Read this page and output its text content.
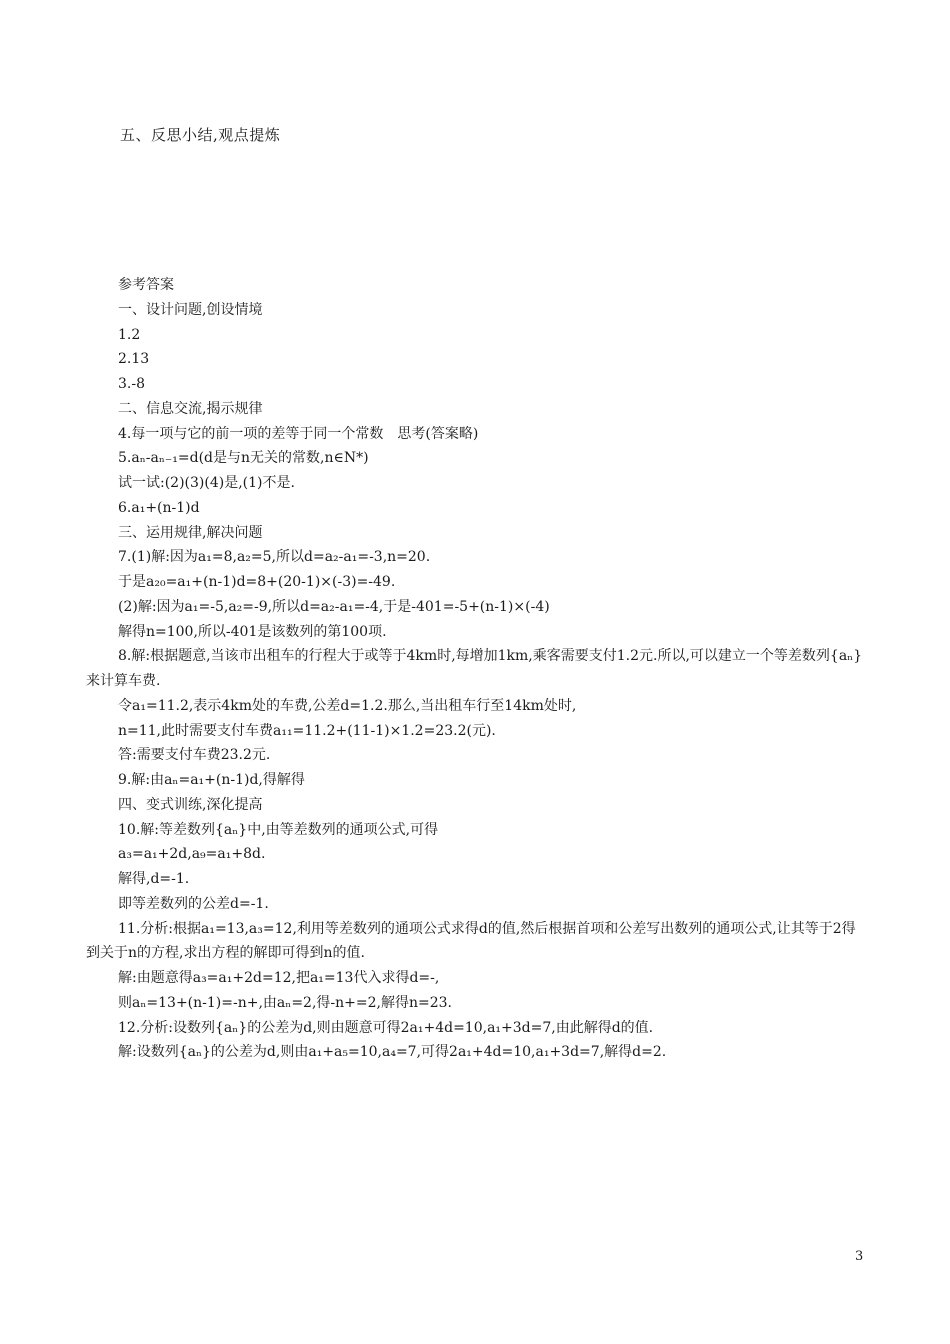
五、反思小结,观点提炼
参考答案
一、设计问题,创设情境
1.2
2.13
3.-8
二、信息交流,揭示规律
4.每一项与它的前一项的差等于同一个常数　思考(答案略)
5.aₙ-aₙ₋₁=d(d是与n无关的常数,n∈N*)
试一试:(2)(3)(4)是,(1)不是.
6.a₁+(n-1)d
三、运用规律,解决问题
7.(1)解:因为a₁=8,a₂=5,所以d=a₂-a₁=-3,n=20.
于是a₂₀=a₁+(n-1)d=8+(20-1)×(-3)=-49.
(2)解:因为a₁=-5,a₂=-9,所以d=a₂-a₁=-4,于是-401=-5+(n-1)×(-4)
解得n=100,所以-401是该数列的第100项.
8.解:根据题意,当该市出租车的行程大于或等于4km时,每增加1km,乘客需要支付1.2元.所以,可以建立一个等差数列{aₙ}来计算车费.
令a₁=11.2,表示4km处的车费,公差d=1.2.那么,当出租车行至14km处时,
n=11,此时需要支付车费a₁₁=11.2+(11-1)×1.2=23.2(元).
答:需要支付车费23.2元.
9.解:由aₙ=a₁+(n-1)d,得解得
四、变式训练,深化提高
10.解:等差数列{aₙ}中,由等差数列的通项公式,可得
a₃=a₁+2d,a₉=a₁+8d.
解得,d=-1.
即等差数列的公差d=-1.
11.分析:根据a₁=13,a₃=12,利用等差数列的通项公式求得d的值,然后根据首项和公差写出数列的通项公式,让其等于2得到关于n的方程,求出方程的解即可得到n的值.
解:由题意得a₃=a₁+2d=12,把a₁=13代入求得d=-,
则aₙ=13+(n-1)=-n+,由aₙ=2,得-n+=2,解得n=23.
12.分析:设数列{aₙ}的公差为d,则由题意可得2a₁+4d=10,a₁+3d=7,由此解得d的值.
解:设数列{aₙ}的公差为d,则由a₁+a₅=10,a₄=7,可得2a₁+4d=10,a₁+3d=7,解得d=2.
3
